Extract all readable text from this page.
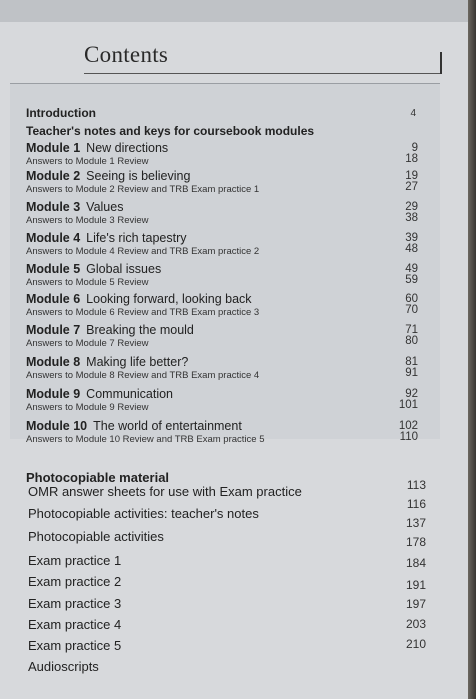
Contents
Introduction	4
Teacher's notes and keys for coursebook modules
Module 1 New directions
Answers to Module 1 Review
9
18
Module 2 Seeing is believing
Answers to Module 2 Review and TRB Exam practice 1
19
27
Module 3 Values
Answers to Module 3 Review
29
38
Module 4 Life's rich tapestry
Answers to Module 4 Review and TRB Exam practice 2
39
48
Module 5 Global issues
Answers to Module 5 Review
49
59
Module 6 Looking forward, looking back
Answers to Module 6 Review and TRB Exam practice 3
60
70
Module 7 Breaking the mould
Answers to Module 7 Review
71
80
Module 8 Making life better?
Answers to Module 8 Review and TRB Exam practice 4
81
91
Module 9 Communication
Answers to Module 9 Review
92
101
Module 10 The world of entertainment
Answers to Module 10 Review and TRB Exam practice 5
102
110
Photocopiable material
OMR answer sheets for use with Exam practice	113
Photocopiable activities: teacher's notes
116
Photocopiable activities
137
Exam practice 1
178
Exam practice 2
184
Exam practice 3
191
Exam practice 4
197
Exam practice 5
203
Audioscripts
210
